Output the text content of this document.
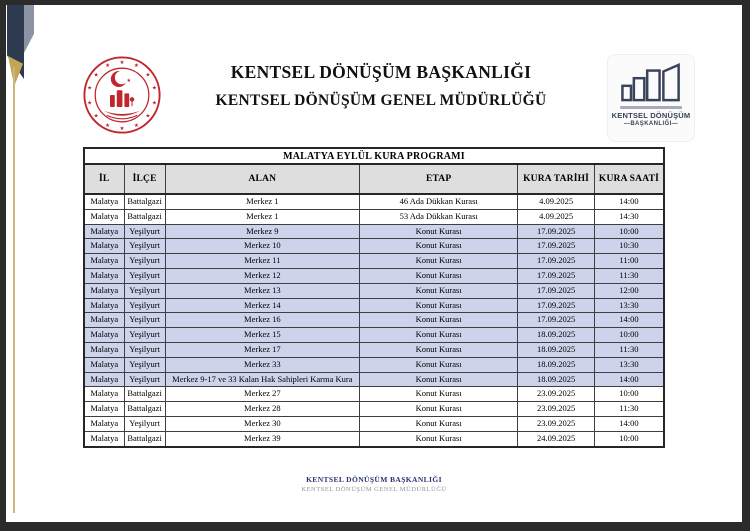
★
★
★
★
★
★
★
★
★
★
★
★
★
★
★	KENTSEL DÖNÜŞÜM BAŞKANLIĞI
KENTSEL DÖNÜŞÜM GENEL MÜDÜRLÜĞÜ
KENTSEL DÖNÜŞÜM
—BAŞKANLIĞI—
MALATYA EYLÜL KURA PROGRAMI					
İL	İLÇE	ALAN	ETAP	KURA TARİHİ	KURA SAATİ
Malatya	Battalgazi	Merkez 1	46 Ada Dükkan Kurası	4.09.2025	14:00
Malatya	Battalgazi	Merkez 1	53 Ada Dükkan Kurası	4.09.2025	14:30
Malatya	Yeşilyurt	Merkez 9	Konut Kurası	17.09.2025	10:00
Malatya	Yeşilyurt	Merkez 10	Konut Kurası	17.09.2025	10:30
Malatya	Yeşilyurt	Merkez 11	Konut Kurası	17.09.2025	11:00
Malatya	Yeşilyurt	Merkez 12	Konut Kurası	17.09.2025	11:30
Malatya	Yeşilyurt	Merkez 13	Konut Kurası	17.09.2025	12:00
Malatya	Yeşilyurt	Merkez 14	Konut Kurası	17.09.2025	13:30
Malatya	Yeşilyurt	Merkez 16	Konut Kurası	17.09.2025	14:00
Malatya	Yeşilyurt	Merkez 15	Konut Kurası	18.09.2025	10:00
Malatya	Yeşilyurt	Merkez 17	Konut Kurası	18.09.2025	11:30
Malatya	Yeşilyurt	Merkez 33	Konut Kurası	18.09.2025	13:30
Malatya	Yeşilyurt	Merkez 9-17 ve 33 Kalan Hak Sahipleri Karma Kura	Konut Kurası	18.09.2025	14:00
Malatya	Battalgazi	Merkez 27	Konut Kurası	23.09.2025	10:00
Malatya	Battalgazi	Merkez 28	Konut Kurası	23.09.2025	11:30
Malatya	Yeşilyurt	Merkez 30	Konut Kurası	23.09.2025	14:00
Malatya	Battalgazi	Merkez 39	Konut Kurası	24.09.2025	10:00
KENTSEL DÖNÜŞÜM BAŞKANLIĞI
KENTSEL DÖNÜŞÜM GENEL MÜDÜRLÜĞÜ
